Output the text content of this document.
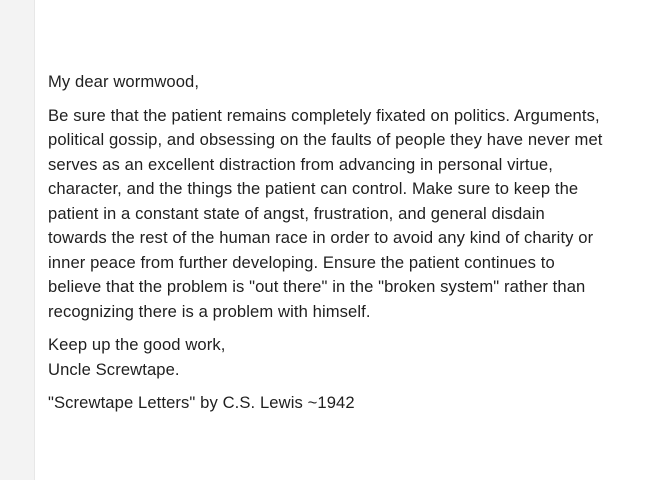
My dear wormwood,

Be sure that the patient remains completely fixated on politics. Arguments,
political gossip, and obsessing on the faults of people they have never met
serves as an excellent distraction from advancing in personal virtue,
character, and the things the patient can control. Make sure to keep the
patient in a constant state of angst, frustration, and general disdain
towards the rest of the human race in order to avoid any kind of charity or
inner peace from further developing. Ensure the patient continues to
believe that the problem is "out there" in the "broken system" rather than
recognizing there is a problem with himself.

Keep up the good work,
Uncle Screwtape.

"Screwtape Letters" by C.S. Lewis ~1942
